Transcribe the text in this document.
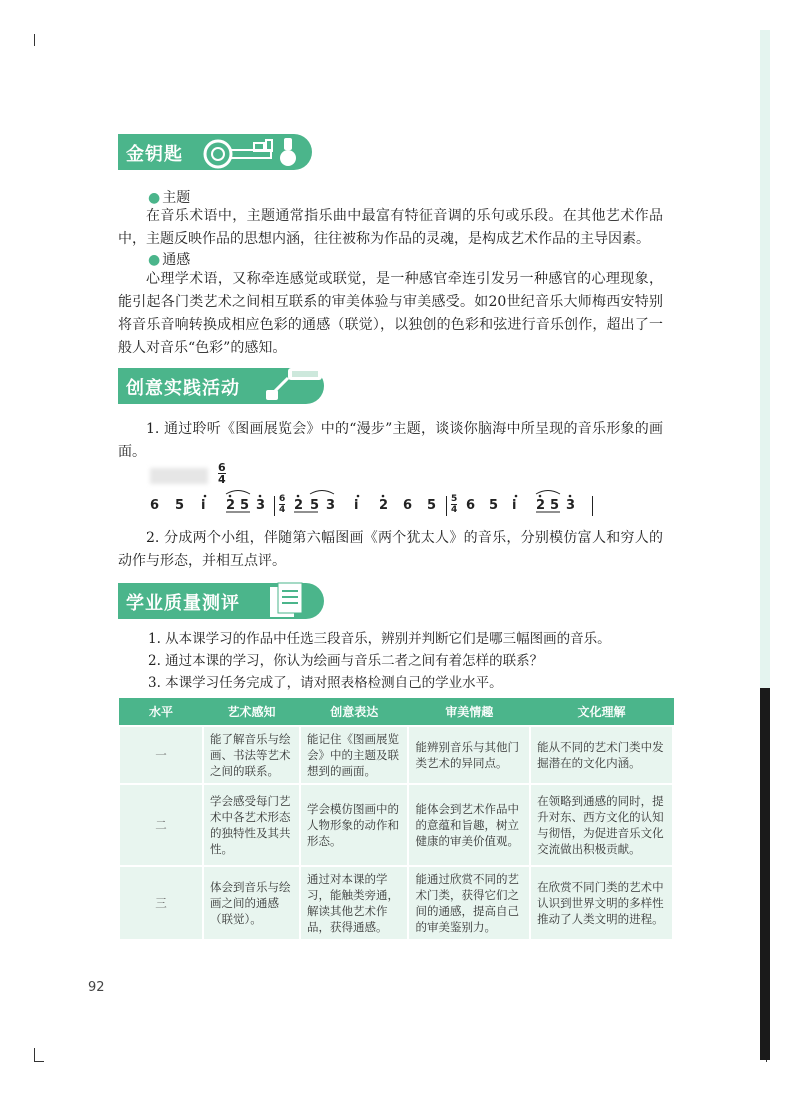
金钥匙
● 主题
在音乐术语中，主题通常指乐曲中最富有特征音调的乐句或乐段。在其他艺术作品中，主题反映作品的思想内涵，往往被称为作品的灵魂，是构成艺术作品的主导因素。
● 通感
心理学术语，又称牵连感觉或联觉，是一种感官牵连引发另一种感官的心理现象，能引起各门类艺术之间相互联系的审美体验与审美感受。如20世纪音乐大师梅西安特别将音乐音响转换成相应色彩的通感（联觉），以独创的色彩和弦进行音乐创作，超出了一般人对音乐“色彩”的感知。
创意实践活动
1. 通过聆听《图画展览会》中的“漫步”主题，谈谈你脑海中所呈现的音乐形象的画面。
6
4
6 5 i 2 5 3 6
4 2 5 3 i 2 6 5 5
4 6 5 i 2 5 3
2. 分成两个小组，伴随第六幅图画《两个犹太人》的音乐，分别模仿富人和穷人的动作与形态，并相互点评。
学业质量测评
1. 从本课学习的作品中任选三段音乐，辨别并判断它们是哪三幅图画的音乐。
2. 通过本课的学习，你认为绘画与音乐二者之间有着怎样的联系？
3. 本课学习任务完成了，请对照表格检测自己的学业水平。
水平	艺术感知	创意表达	审美情趣	文化理解
一	能了解音乐与绘画、书法等艺术之间的联系。	能记住《图画展览会》中的主题及联想到的画面。	能辨别音乐与其他门类艺术的异同点。	能从不同的艺术门类中发掘潜在的文化内涵。
二	学会感受每门艺术中各艺术形态的独特性及其共性。	学会模仿图画中的人物形象的动作和形态。	能体会到艺术作品中的意蕴和旨趣，树立健康的审美价值观。	在领略到通感的同时，提升对东、西方文化的认知与彻悟，为促进音乐文化交流做出积极贡献。
三	体会到音乐与绘画之间的通感（联觉）。	通过对本课的学习，能触类旁通，解读其他艺术作品，获得通感。	能通过欣赏不同的艺术门类，获得它们之间的通感，提高自己的审美鉴别力。	在欣赏不同门类的艺术中认识到世界文明的多样性推动了人类文明的进程。
92
